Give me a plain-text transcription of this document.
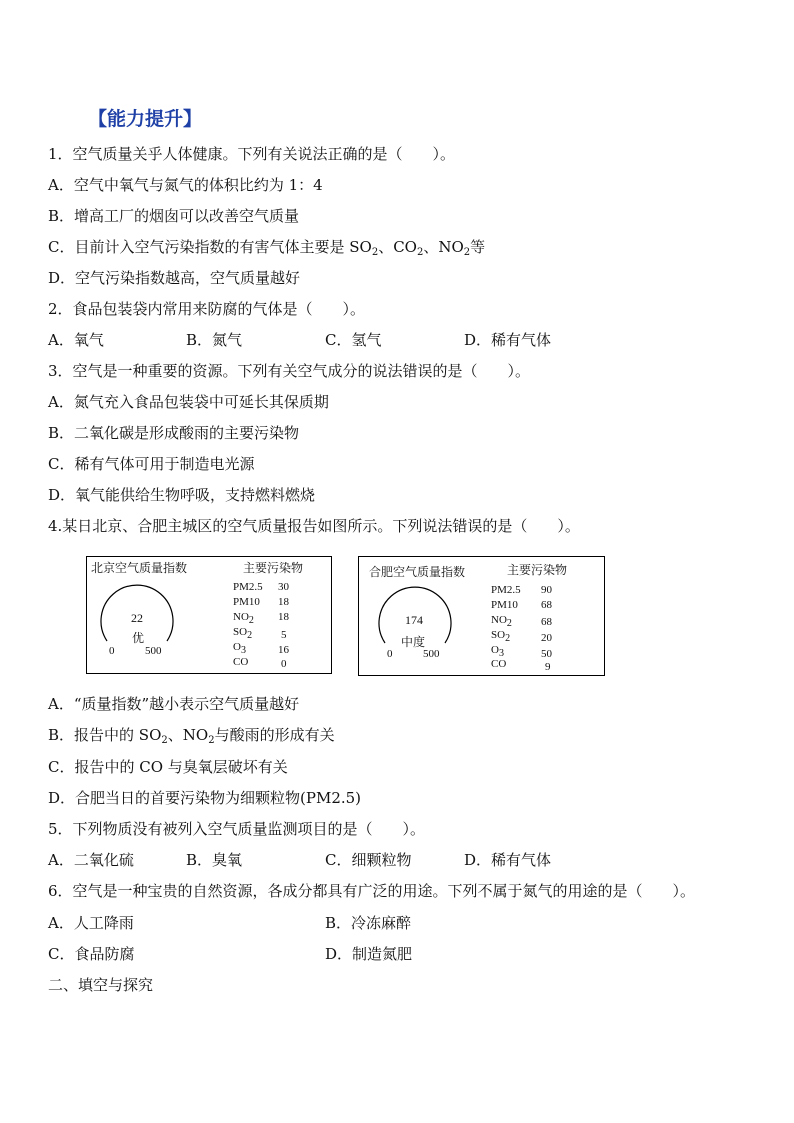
【能力提升】
1．空气质量关乎人体健康。下列有关说法正确的是（　　）。
A．空气中氧气与氮气的体积比约为 1：4
B．增高工厂的烟囱可以改善空气质量
C．目前计入空气污染指数的有害气体主要是 $SO_2$、$CO_2$、$NO_2$等
D．空气污染指数越高，空气质量越好
2．食品包装袋内常用来防腐的气体是（　　）。
A．氧气	B．氮气	C．氢气	D．稀有气体
3．空气是一种重要的资源。下列有关空气成分的说法错误的是（　　）。
A．氮气充入食品包装袋中可延长其保质期
B．二氧化碳是形成酸雨的主要污染物
C．稀有气体可用于制造电光源
D．氧气能供给生物呼吸，支持燃料燃烧
4.某日北京、合肥主城区的空气质量报告如图所示。下列说法错误的是（　　）。
北京空气质量指数	主要污染物
22
优
0	500
PM2.5 30
PM10 18
$NO_2$ 18
$SO_2$	5
$O_3$	16
CO	0
合肥空气质量指数	主要污染物
174
中度
0	500
PM2.5 90
PM10 68
$NO_2$	68
$SO_2$	20
$O_3$	50
CO	9
A．“质量指数”越小表示空气质量越好
B．报告中的 $SO_2$、$NO_2$与酸雨的形成有关
C．报告中的 CO 与臭氧层破坏有关
D．合肥当日的首要污染物为细颗粒物(PM2.5)
5．下列物质没有被列入空气质量监测项目的是（　　）。
A．二氧化硫	B．臭氧	C．细颗粒物	D．稀有气体
6．空气是一种宝贵的自然资源，各成分都具有广泛的用途。下列不属于氮气的用途的是（　　）。
A．人工降雨	B．冷冻麻醉
C．食品防腐	D．制造氮肥
二、填空与探究
